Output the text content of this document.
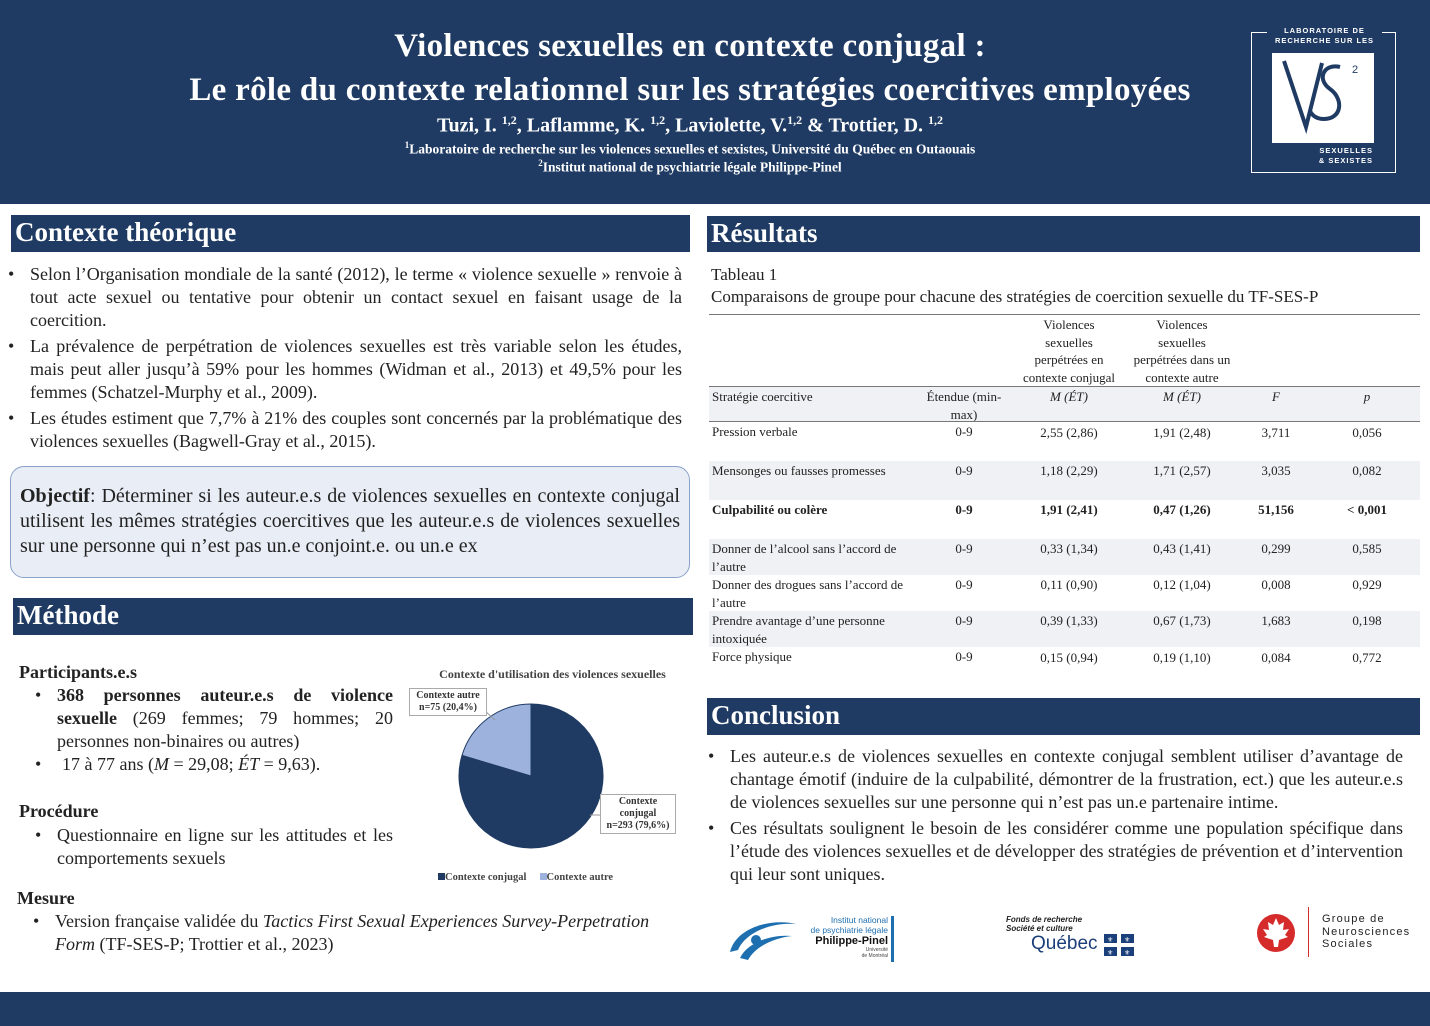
Violences sexuelles en contexte conjugal :
Le rôle du contexte relationnel sur les stratégies coercitives employées
Tuzi, I. $^{1,2}$, Laflamme, K. $^{1,2}$, Laviolette, V.$^{1,2}$ & Trottier, D. $^{1,2}$
$^1$Laboratoire de recherche sur les violences sexuelles et sexistes, Université du Québec en Outaouais
$^2$Institut national de psychiatrie légale Philippe-Pinel
LABORATOIRE DE
RECHERCHE SUR LES
2
VIOLENCES
SEXUELLES
& SEXISTES
Contexte théorique
• Selon l’Organisation mondiale de la santé (2012), le terme « violence sexuelle » renvoie à tout acte sexuel ou tentative pour obtenir un contact sexuel en faisant usage de la coercition.
• La prévalence de perpétration de violences sexuelles est très variable selon les études, mais peut aller jusqu’à 59% pour les hommes (Widman et al., 2013) et 49,5% pour les femmes (Schatzel-Murphy et al., 2009).
• Les études estiment que 7,7% à 21% des couples sont concernés par la problématique des violences sexuelles (Bagwell-Gray et al., 2015).
Objectif: Déterminer si les auteur.e.s de violences sexuelles en contexte conjugal utilisent les mêmes stratégies coercitives que les auteur.e.s de violences sexuelles sur une personne qui n’est pas un.e conjoint.e. ou un.e ex
Méthode
Participants.e.s
• 368 personnes auteur.e.s de violence sexuelle (269 femmes; 79 hommes; 20 personnes non-binaires ou autres)
• 17 à 77 ans (M = 29,08; ÉT = 9,63).
Procédure
• Questionnaire en ligne sur les attitudes et les comportements sexuels
Mesure
• Version française validée du Tactics First Sexual Experiences Survey-Perpetration Form (TF-SES-P; Trottier et al., 2023)
Contexte d'utilisation des violences sexuelles
Contexte autre
n=75 (20,4%)
Contexte
conjugal
n=293 (79,6%)
Contexte conjugal Contexte autre
Résultats
Tableau 1
Comparaisons de groupe pour chacune des stratégies de coercition sexuelle du TF-SES-P
Violences
sexuelles
perpétrées en
contexte conjugal
Violences
sexuelles
perpétrées dans un
contexte autre
Stratégie coercitive	Étendue (min-max)
M (ÉT)	M (ÉT)	F	p
Pression verbale	0-9	2,55 (2,86)	1,91 (2,48)	3,711	0,056
Mensonges ou fausses promesses	0-9	1,18 (2,29)	1,71 (2,57)	3,035	0,082
Culpabilité ou colère	0-9	1,91 (2,41)	0,47 (1,26)	51,156	< 0,001
Donner de l’alcool sans l’accord de l’autre
0-9	0,33 (1,34)	0,43 (1,41)	0,299	0,585
Donner des drogues sans l’accord de l’autre
0-9	0,11 (0,90)	0,12 (1,04)	0,008	0,929
Prendre avantage d’une personne intoxiquée
0-9	0,39 (1,33)	0,67 (1,73)	1,683	0,198
Force physique	0-9	0,15 (0,94)	0,19 (1,10)	0,084	0,772
Conclusion
• Les auteur.e.s de violences sexuelles en contexte conjugal semblent utiliser d’avantage de chantage émotif (induire de la culpabilité, démontrer de la frustration, ect.) que les auteur.e.s de violences sexuelles sur une personne qui n’est pas un.e partenaire intime.
• Ces résultats soulignent le besoin de les considérer comme une population spécifique dans l’étude des violences sexuelles et de développer des stratégies de prévention et d’intervention qui leur sont uniques.
Institut national
de psychiatrie légale
Philippe-Pinel
Université
de Montréal
Fonds de recherche
Société et culture
Québec ⚜ ⚜
⚜ ⚜
Groupe de
Neurosciences
Sociales
